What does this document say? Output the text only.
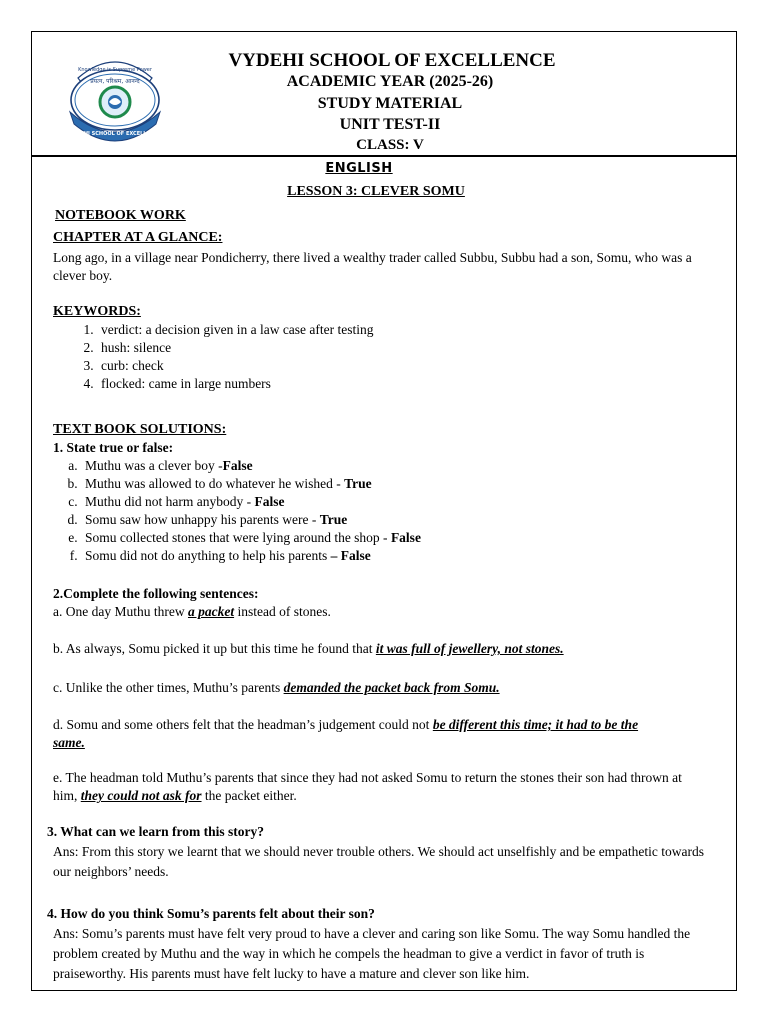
Knowledge is Supreme Power
प्रयत्न, परिश्रम, आनन्द
VYDEHI SCHOOL OF EXCELLENCE
VYDEHI SCHOOL OF EXCELLENCE
ACADEMIC YEAR (2025-26)
STUDY MATERIAL
UNIT TEST-II
CLASS: V
ENGLISH
LESSON 3: CLEVER SOMU
NOTEBOOK WORK
CHAPTER AT A GLANCE:

Long ago, in a village near Pondicherry, there lived a wealthy trader called Subbu, Subbu had a son, Somu, who was a clever boy.

KEYWORDS:
1. verdict: a decision given in a law case after testing
2. hush: silence
3. curb: check
4. flocked: came in large numbers
TEXT BOOK SOLUTIONS:
1. State true or false:
a. Muthu was a clever boy -False
b. Muthu was allowed to do whatever he wished - True
c. Muthu did not harm anybody - False
d. Somu saw how unhappy his parents were - True
e. Somu collected stones that were lying around the shop - False
f. Somu did not do anything to help his parents – False
2.Complete the following sentences:

a. One day Muthu threw a packet instead of stones.

b. As always, Somu picked it up but this time he found that it was full of jewellery, not stones.

c. Unlike the other times, Muthu’s parents demanded the packet back from Somu.

d. Somu and some others felt that the headman’s judgement could not be different this time; it had to be the same.

e. The headman told Muthu’s parents that since they had not asked Somu to return the stones their son had thrown at him, they could not ask for the packet either.

3. What can we learn from this story?

Ans: From this story we learnt that we should never trouble others. We should act unselfishly and be empathetic towards our neighbors’ needs.

4. How do you think Somu’s parents felt about their son?

Ans: Somu’s parents must have felt very proud to have a clever and caring son like Somu. The way Somu handled the problem created by Muthu and the way in which he compels the headman to give a verdict in favor of truth is praiseworthy. His parents must have felt lucky to have a mature and clever son like him.
